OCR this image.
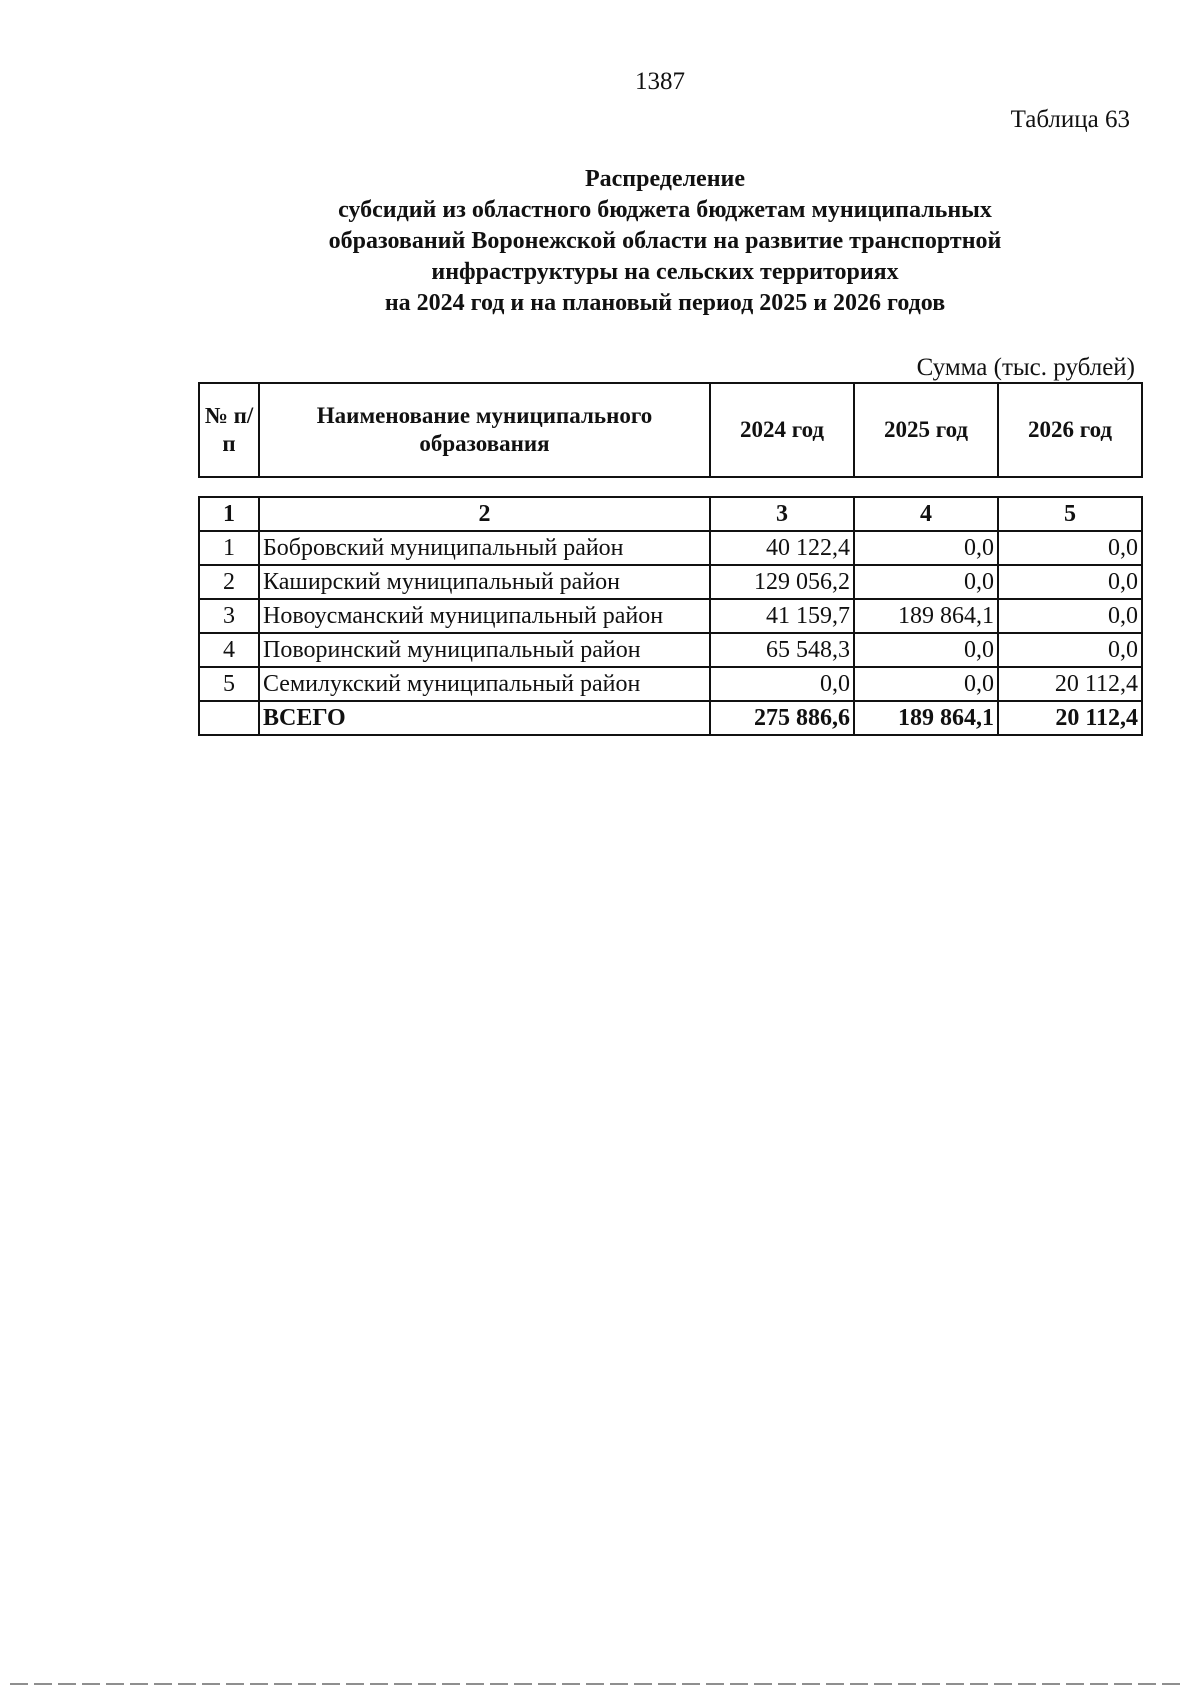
1387
Таблица 63
Распределение
субсидий из областного бюджета бюджетам муниципальных
образований Воронежской области на развитие транспортной
инфраструктуры на сельских территориях
на 2024 год и на плановый период 2025 и 2026 годов
Сумма (тыс. рублей)
№ п/п	Наименование муниципального образования	2024 год	2025 год	2026 год
1	2	3	4	5
1	Бобровский муниципальный район	40 122,4	0,0	0,0
2	Каширский муниципальный район	129 056,2	0,0	0,0
3	Новоусманский муниципальный район	41 159,7	189 864,1	0,0
4	Поворинский муниципальный район	65 548,3	0,0	0,0
5	Семилукский муниципальный район	0,0	0,0	20 112,4
	ВСЕГО	275 886,6	189 864,1	20 112,4
